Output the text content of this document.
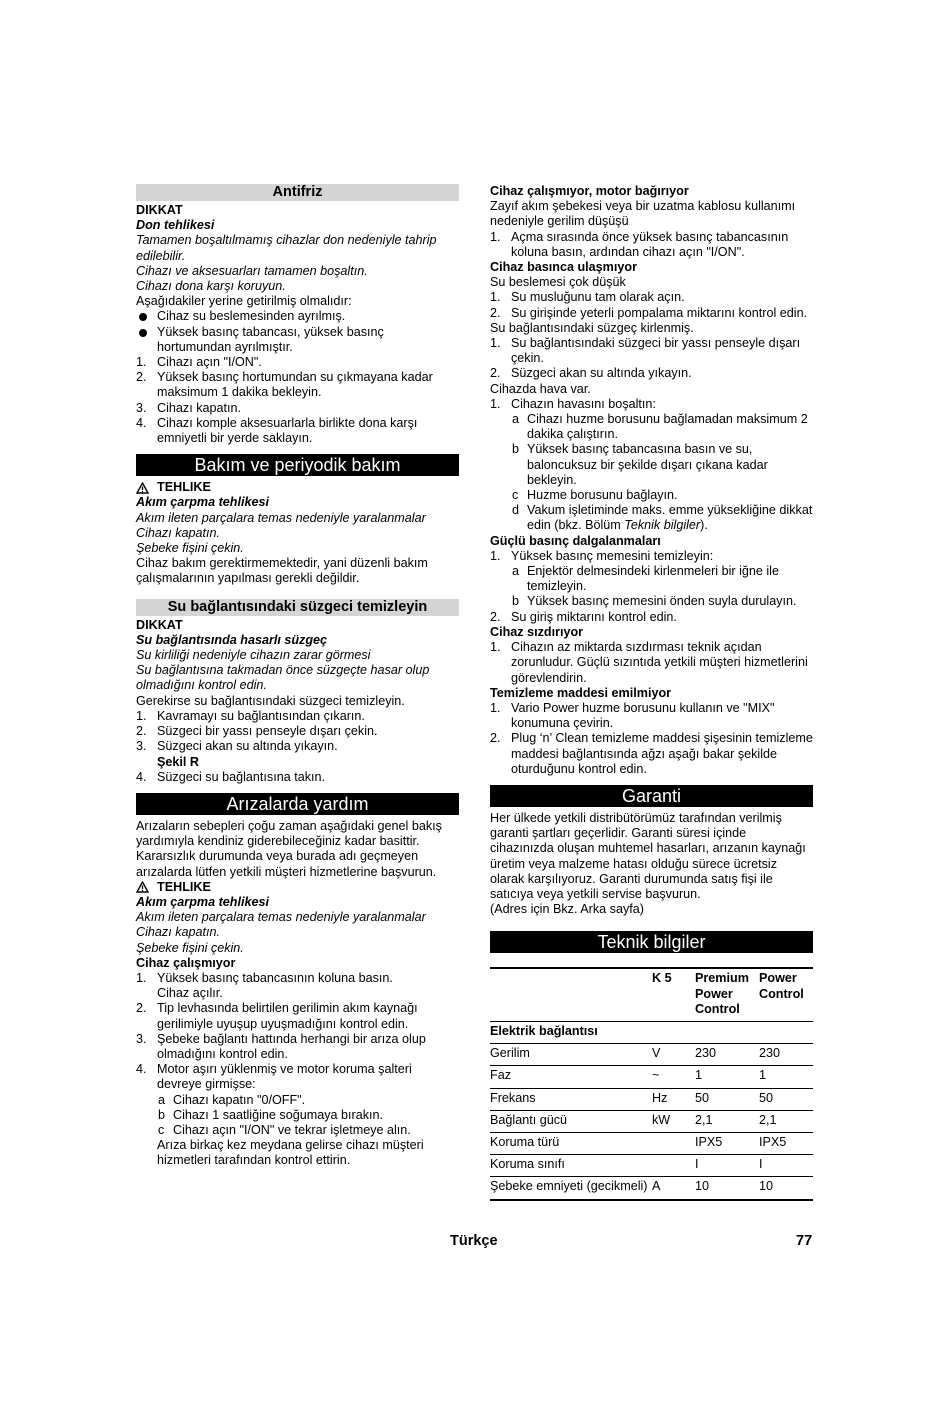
Antifriz

DIKKAT

Don tehlikesi

Tamamen boşaltılmamış cihazlar don nedeniyle tahrip edilebilir.

Cihazı ve aksesuarları tamamen boşaltın.

Cihazı dona karşı koruyun.

Aşağıdakiler yerine getirilmiş olmalıdır:

Cihaz su beslemesinden ayrılmış.
Yüksek basınç tabancası, yüksek basınç hortumundan ayrılmıştır.
1. Cihazı açın "I/ON".
2. Yüksek basınç hortumundan su çıkmayana kadar maksimum 1 dakika bekleyin.
3. Cihazı kapatın.
4. Cihazı komple aksesuarlarla birlikte dona karşı emniyetli bir yerde saklayın.
Bakım ve periyodik bakım
TEHLIKE

Akım çarpma tehlikesi

Akım ileten parçalara temas nedeniyle yaralanmalar

Cihazı kapatın.

Şebeke fişini çekin.

Cihaz bakım gerektirmemektedir, yani düzenli bakım çalışmalarının yapılması gerekli değildir.

Su bağlantısındaki süzgeci temizleyin

DIKKAT

Su bağlantısında hasarlı süzgeç

Su kirliliği nedeniyle cihazın zarar görmesi

Su bağlantısına takmadan önce süzgeçte hasar olup olmadığını kontrol edin.

Gerekirse su bağlantısındaki süzgeci temizleyin.

1. Kavramayı su bağlantısından çıkarın.
2. Süzgeci bir yassı penseyle dışarı çekin.
3. Süzgeci akan su altında yıkayın.
Şekil R
4. Süzgeci su bağlantısına takın.
Arızalarda yardım

Arızaların sebepleri çoğu zaman aşağıdaki genel bakış yardımıyla kendiniz giderebileceğiniz kadar basittir. Kararsızlık durumunda veya burada adı geçmeyen arızalarda lütfen yetkili müşteri hizmetlerine başvurun.

TEHLIKE

Akım çarpma tehlikesi

Akım ileten parçalara temas nedeniyle yaralanmalar

Cihazı kapatın.

Şebeke fişini çekin.

Cihaz çalışmıyor

1. Yüksek basınç tabancasının koluna basın.
Cihaz açılır.
2. Tip levhasında belirtilen gerilimin akım kaynağı gerilimiyle uyuşup uyuşmadığını kontrol edin.
3. Şebeke bağlantı hattında herhangi bir arıza olup olmadığını kontrol edin.
4. Motor aşırı yüklenmiş ve motor koruma şalteri devreye girmişse:
a Cihazı kapatın "0/OFF".
b Cihazı 1 saatliğine soğumaya bırakın.
c Cihazı açın "I/ON" ve tekrar işletmeye alın.
Arıza birkaç kez meydana gelirse cihazı müşteri hizmetleri tarafından kontrol ettirin.

Cihaz çalışmıyor, motor bağırıyor

Zayıf akım şebekesi veya bir uzatma kablosu kullanımı nedeniyle gerilim düşüşü

1. Açma sırasında önce yüksek basınç tabancasının koluna basın, ardından cihazı açın "I/ON".

Cihaz basınca ulaşmıyor

Su beslemesi çok düşük

1. Su musluğunu tam olarak açın.
2. Su girişinde yeterli pompalama miktarını kontrol edin.

Su bağlantısındaki süzgeç kirlenmiş.

1. Su bağlantısındaki süzgeci bir yassı penseyle dışarı çekin.
2. Süzgeci akan su altında yıkayın.

Cihazda hava var.

1. Cihazın havasını boşaltın:
a Cihazı huzme borusunu bağlamadan maksimum 2 dakika çalıştırın.
b Yüksek basınç tabancasına basın ve su, baloncuksuz bir şekilde dışarı çıkana kadar bekleyin.
c Huzme borusunu bağlayın.
d Vakum işletiminde maks. emme yüksekliğine dikkat edin (bkz. Bölüm Teknik bilgiler).

Güçlü basınç dalgalanmaları

1. Yüksek basınç memesini temizleyin:
a Enjektör delmesindeki kirlenmeleri bir iğne ile temizleyin.
b Yüksek basınç memesini önden suyla durulayın.
2. Su giriş miktarını kontrol edin.

Cihaz sızdırıyor

1. Cihazın az miktarda sızdırması teknik açıdan zorunludur. Güçlü sızıntıda yetkili müşteri hizmetlerini görevlendirin.

Temizleme maddesi emilmiyor

1. Vario Power huzme borusunu kullanın ve "MIX" konumuna çevirin.
2. Plug ‘n’ Clean temizleme maddesi şişesinin temizleme maddesi bağlantısında ağzı aşağı bakar şekilde oturduğunu kontrol edin.
Garanti

Her ülkede yetkili distribütörümüz tarafından verilmiş garanti şartları geçerlidir. Garanti süresi içinde cihazınızda oluşan muhtemel hasarları, arızanın kaynağı üretim veya malzeme hatası olduğu sürece ücretsiz olarak karşılıyoruz. Garanti durumunda satış fişi ile satıcıya veya yetkili servise başvurun.

(Adres için Bkz. Arka sayfa)

Teknik bilgiler
	K 5	Premium Power Control	Power Control
Elektrik bağlantısı			
Gerilim	V	230	230
Faz	~	1	1
Frekans	Hz	50	50
Bağlantı gücü	kW	2,1	2,1
Koruma türü		IPX5	IPX5
Koruma sınıfı		I	I
Şebeke emniyeti (gecikmeli)	A	10	10
Türkçe	77
